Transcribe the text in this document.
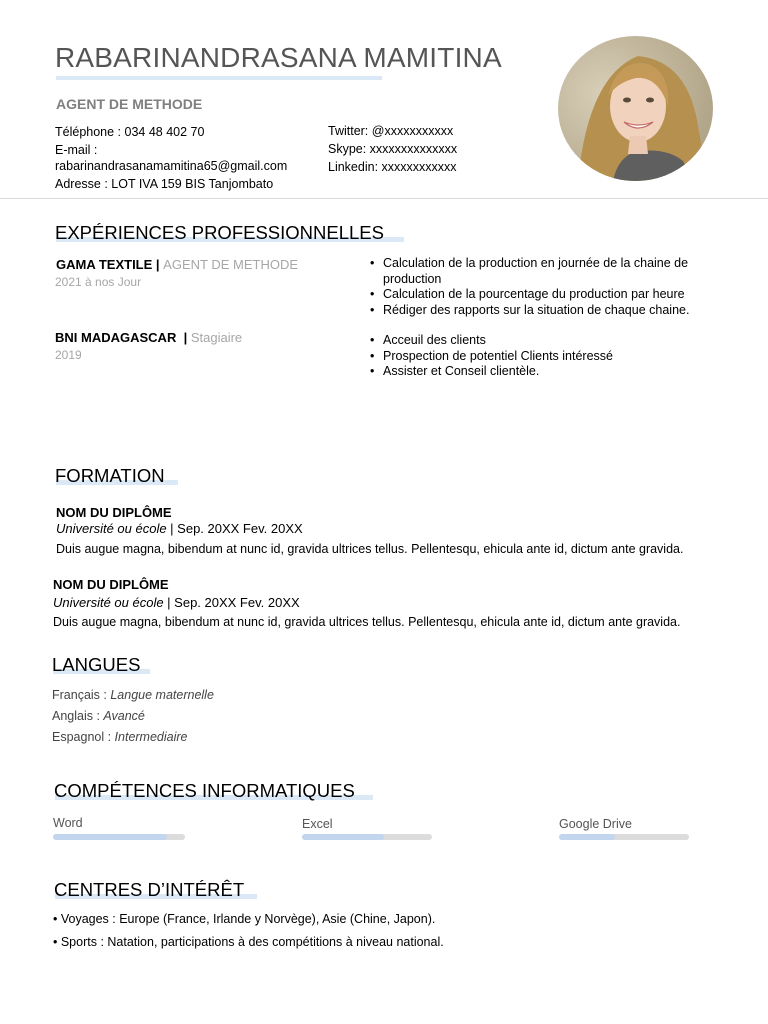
RABARINANDRASANA MAMITINA
AGENT DE METHODE
Téléphone : 034 48 402 70
E-mail :
rabarinandrasanamamitina65@gmail.com
Adresse : LOT IVA 159 BIS Tanjombato
Twitter: @xxxxxxxxxxx
Skype: xxxxxxxxxxxxxx
Linkedin: xxxxxxxxxxxx
EXPÉRIENCES PROFESSIONNELLES
GAMA TEXTILE | AGENT DE METHODE
2021 à nos Jour
• Calculation de la production en journée de la chaine de production
• Calculation de la pourcentage du production par heure
• Rédiger des rapports sur la situation de chaque chaine.
BNI MADAGASCAR  | Stagiaire
2019
• Acceuil des clients
• Prospection de potentiel Clients intéressé
• Assister et Conseil clientèle.
FORMATION
NOM DU DIPLÔME
Université ou école | Sep. 20XX Fev. 20XX
Duis augue magna, bibendum at nunc id, gravida ultrices tellus. Pellentesqu, ehicula ante id, dictum ante gravida.
NOM DU DIPLÔME
Université ou école | Sep. 20XX Fev. 20XX
Duis augue magna, bibendum at nunc id, gravida ultrices tellus. Pellentesqu, ehicula ante id, dictum ante gravida.
LANGUES
Français : Langue maternelle
Anglais : Avancé
Espagnol : Intermediaire
COMPÉTENCES INFORMATIQUES
Word	Excel	Google Drive
CENTRES D’INTÉRÊT
• Voyages : Europe (France, Irlande y Norvège), Asie (Chine, Japon).
• Sports : Natation, participations à des compétitions à niveau national.
